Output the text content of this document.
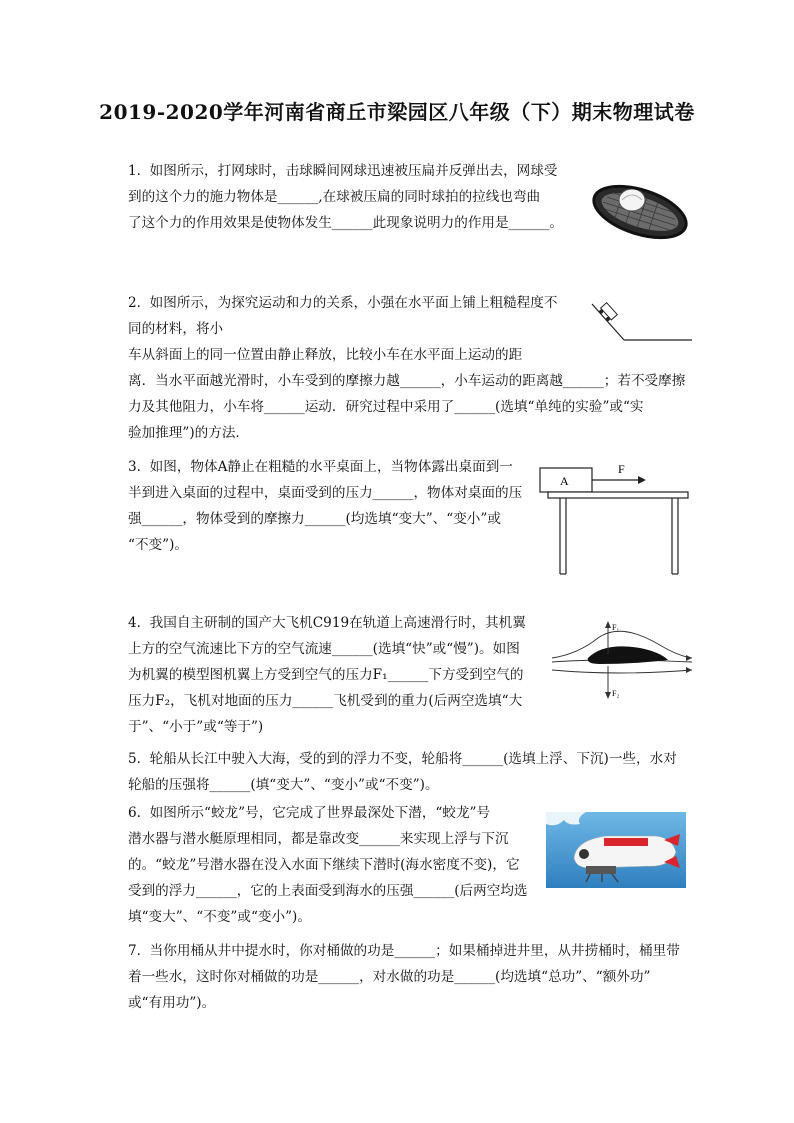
2019-2020学年河南省商丘市梁园区八年级（下）期末物理试卷
1. 如图所示，打网球时，击球瞬间网球迅速被压扁并反弹出去，网球受
到的这个力的施力物体是______,在球被压扁的同时球拍的拉线也弯曲
了这个力的作用效果是使物体发生______此现象说明力的作用是______。
2. 如图所示，为探究运动和力的关系，小强在水平面上铺上粗糙程度不
同的材料，将小
车从斜面上的同一位置由静止释放，比较小车在水平面上运动的距
离．当水平面越光滑时，小车受到的摩擦力越______，小车运动的距离越______；若不受摩擦
力及其他阻力，小车将______运动．研究过程中采用了______(选填“单纯的实验”或“实
验加推理”)的方法．
3. 如图，物体A静止在粗糙的水平桌面上，当物体露出桌面到一
半到进入桌面的过程中，桌面受到的压力______，物体对桌面的压
强______，物体受到的摩擦力______(均选填“变大”、“变小”或
“不变”)。
A
F
4. 我国自主研制的国产大飞机C919在轨道上高速滑行时，其机翼
上方的空气流速比下方的空气流速______(选填“快”或“慢”)。如图
为机翼的模型图机翼上方受到空气的压力F₁______下方受到空气的
压力F₂，飞机对地面的压力______飞机受到的重力(后两空选填“大
于”、“小于”或“等于”)
F₁
F₂
5. 轮船从长江中驶入大海，受的到的浮力不变，轮船将______(选填上浮、下沉)一些，水对
轮船的压强将______(填“变大”、“变小”或“不变”)。
6. 如图所示“蛟龙”号，它完成了世界最深处下潜，“蛟龙”号
潜水器与潜水艇原理相同，都是靠改变______来实现上浮与下沉
的。“蛟龙”号潜水器在没入水面下继续下潜时(海水密度不变)，它
受到的浮力______，它的上表面受到海水的压强______(后两空均选
填“变大”、“不变”或“变小”)。
7. 当你用桶从井中提水时，你对桶做的功是______；如果桶掉进井里，从井捞桶时，桶里带
着一些水，这时你对桶做的功是______，对水做的功是______(均选填“总功”、“额外功”
或“有用功”)。
